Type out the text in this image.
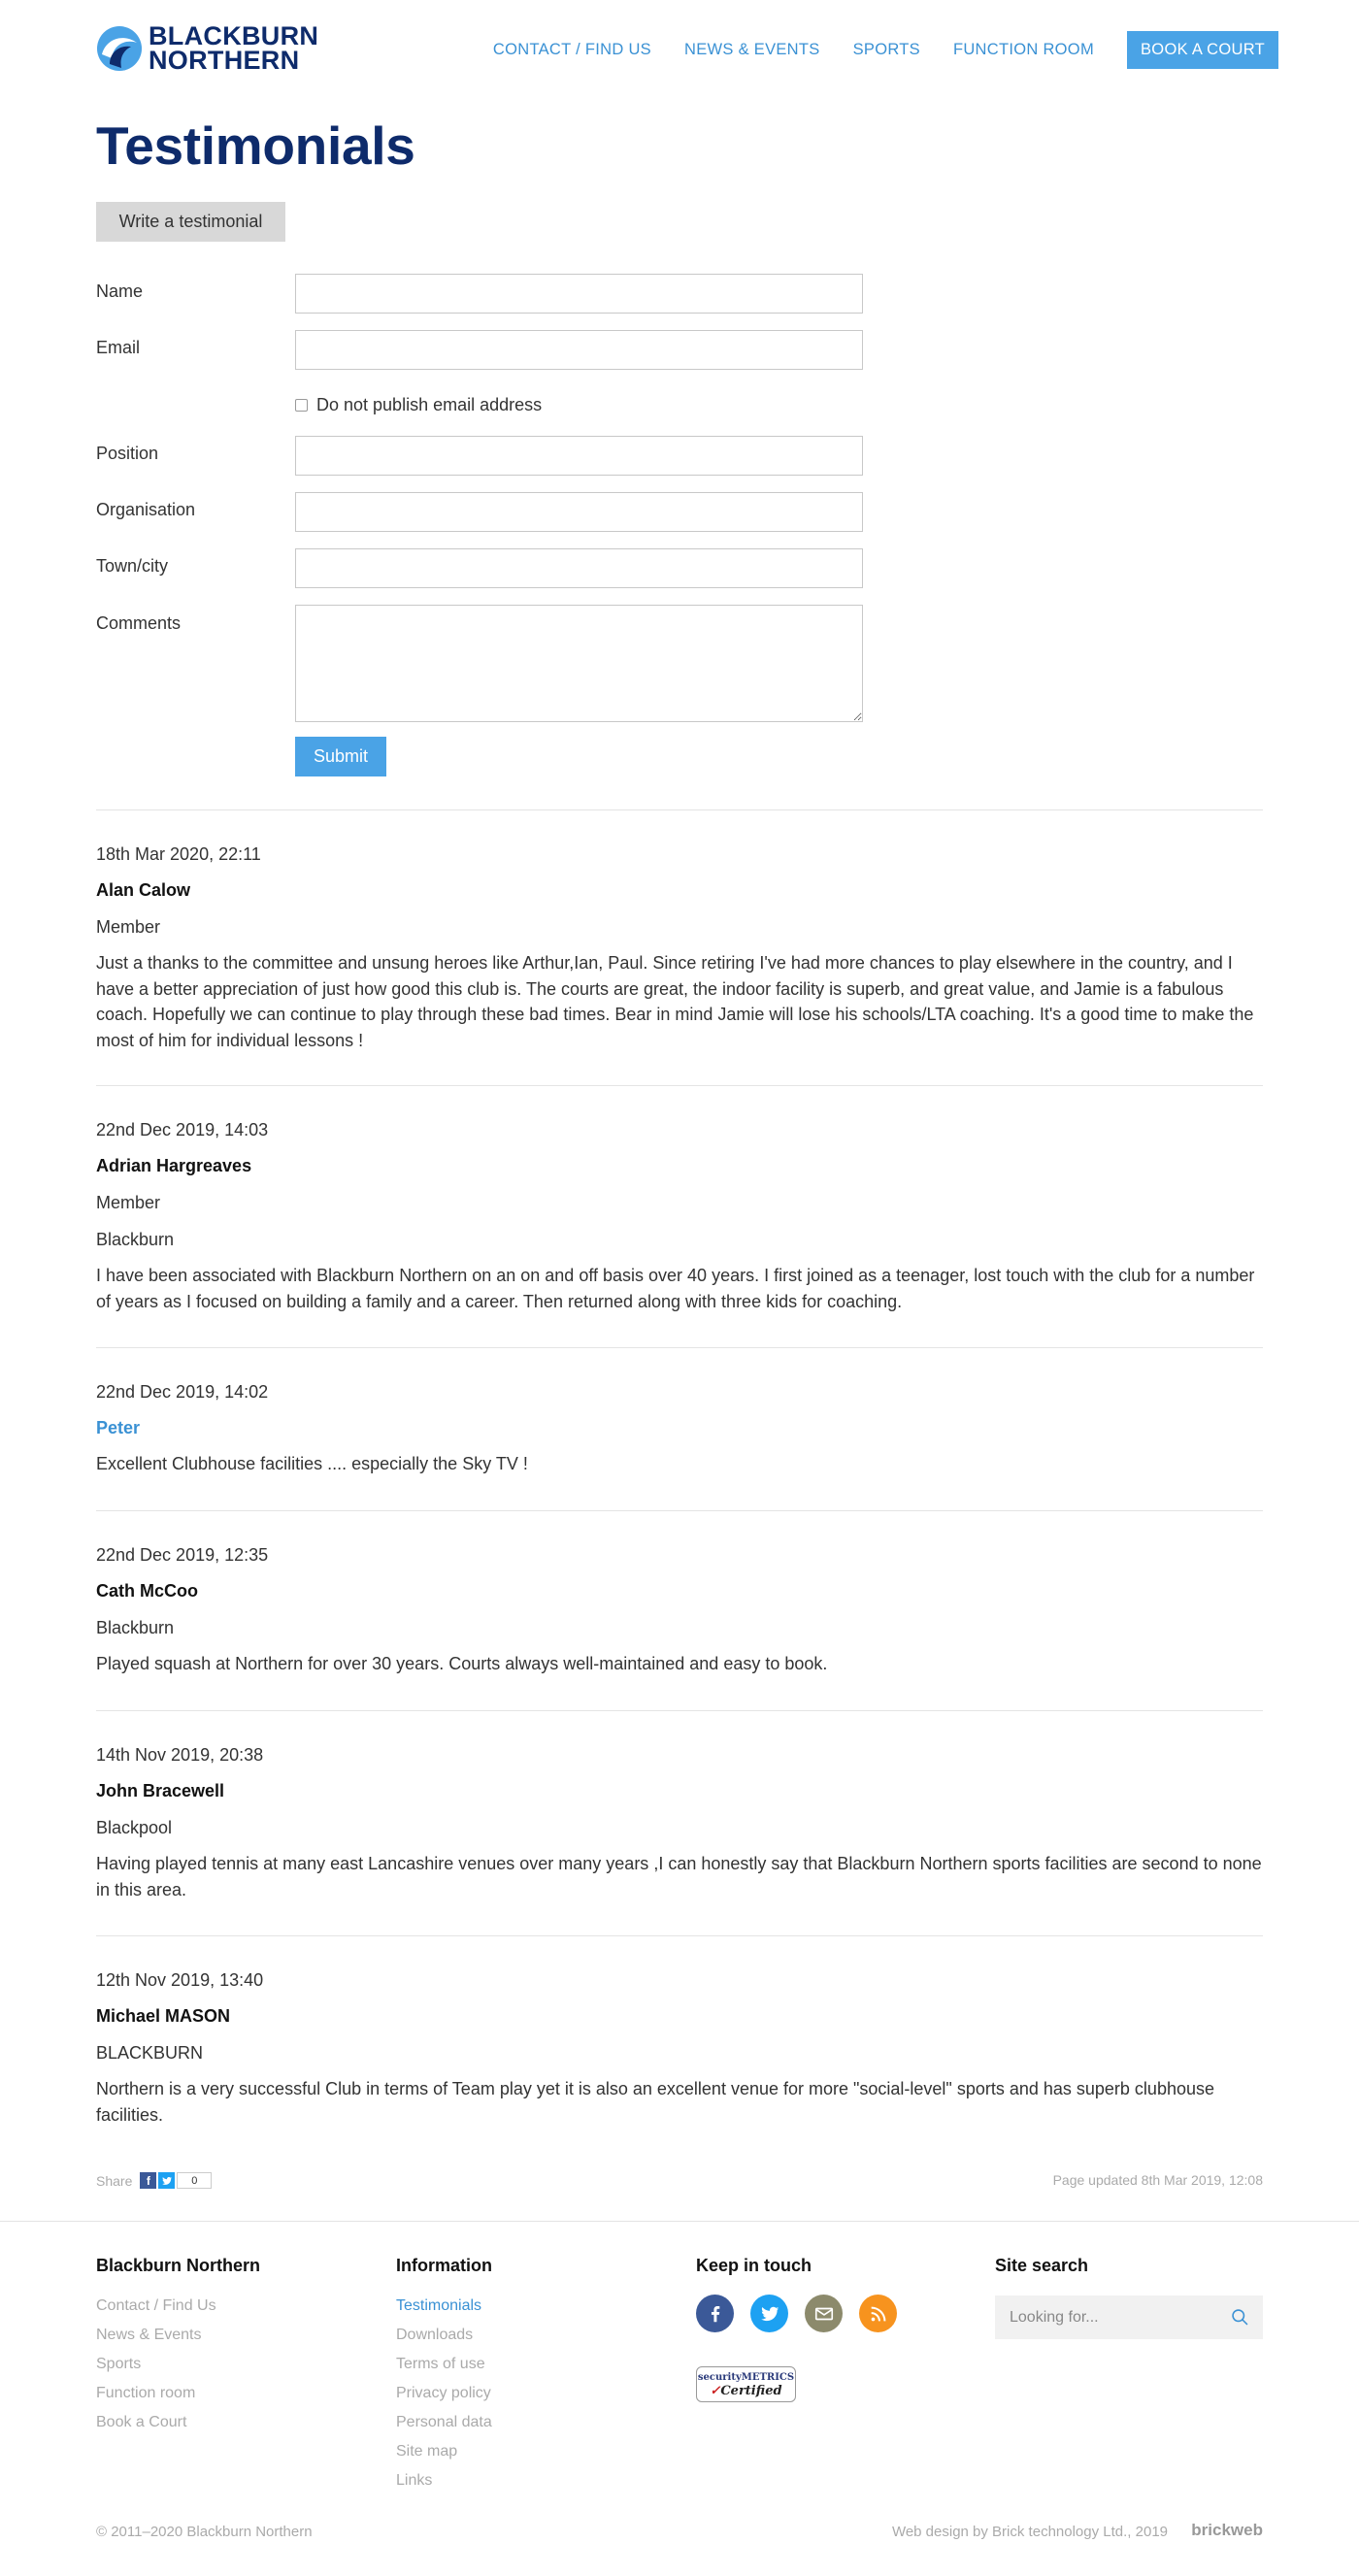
BLACKBURN
NORTHERN	CONTACT / FIND US NEWS & EVENTS SPORTS FUNCTION ROOM	BOOK A COURT
Testimonials
Write a testimonial
Name
Email
Do not publish email address
Position
Organisation
Town/city
Comments
Submit
18th Mar 2020, 22:11
Alan Calow
Member
Just a thanks to the committee and unsung heroes like Arthur,Ian, Paul. Since retiring I've had more chances to play elsewhere in the country, and I have a better appreciation of just how good this club is. The courts are great, the indoor facility is superb, and great value, and Jamie is a fabulous coach. Hopefully we can continue to play through these bad times. Bear in mind Jamie will lose his schools/LTA coaching. It's a good time to make the most of him for individual lessons !
22nd Dec 2019, 14:03
Adrian Hargreaves
Member
Blackburn
I have been associated with Blackburn Northern on an on and off basis over 40 years. I first joined as a teenager, lost touch with the club for a number of years as I focused on building a family and a career. Then returned along with three kids for coaching.
22nd Dec 2019, 14:02
Peter
Excellent Clubhouse facilities .... especially the Sky TV !
22nd Dec 2019, 12:35
Cath McCoo
Blackburn
Played squash at Northern for over 30 years. Courts always well-maintained and easy to book.
14th Nov 2019, 20:38
John Bracewell
Blackpool
Having played tennis at many east Lancashire venues over many years ,I can honestly say that Blackburn Northern sports facilities are second to none in this area.
12th Nov 2019, 13:40
Michael MASON
BLACKBURN
Northern is a very successful Club in terms of Team play yet it is also an excellent venue for more "social-level" sports and has superb clubhouse facilities.
Share	f	0	Page updated 8th Mar 2019, 12:08
Blackburn Northern
Contact / Find Us
News & Events
Sports
Function room
Book a Court
Information
Testimonials
Downloads
Terms of use
Privacy policy
Personal data
Site map
Links
Keep in touch
securityMETRICS
✓Certified
Site search
Looking for...
© 2011–2020 Blackburn Northern	Web design by Brick technology Ltd., 2019 brickweb
